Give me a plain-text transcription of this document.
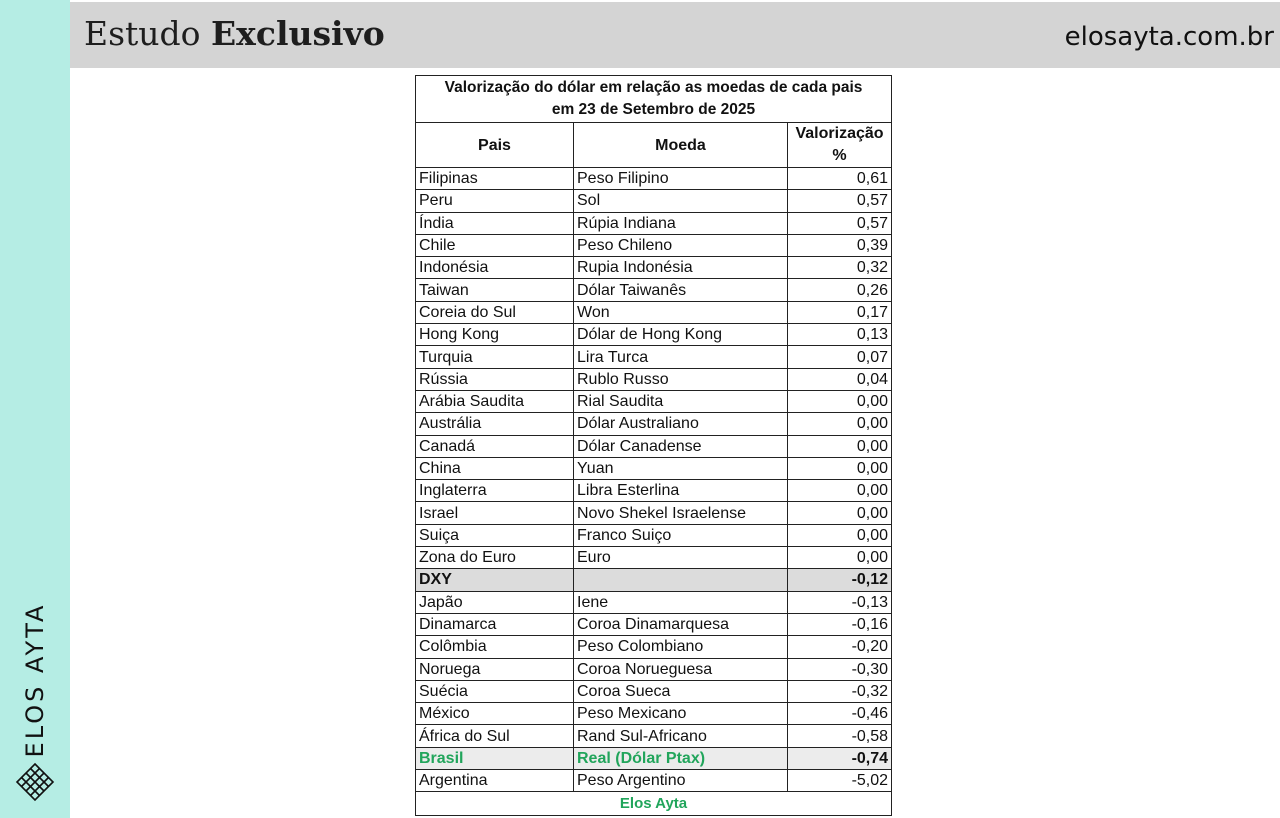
ELOS AYTA
Estudo Exclusivo	elosayta.com.br
Valorização do dólar em relação as moedas de cada pais
em 23 de Setembro de 2025		
Pais	Moeda	Valorização
%
Filipinas	Peso Filipino	0,61
Peru	Sol	0,57
Índia	Rúpia Indiana	0,57
Chile	Peso Chileno	0,39
Indonésia	Rupia Indonésia	0,32
Taiwan	Dólar Taiwanês	0,26
Coreia do Sul	Won	0,17
Hong Kong	Dólar de Hong Kong	0,13
Turquia	Lira Turca	0,07
Rússia	Rublo Russo	0,04
Arábia Saudita	Rial Saudita	0,00
Austrália	Dólar Australiano	0,00
Canadá	Dólar Canadense	0,00
China	Yuan	0,00
Inglaterra	Libra Esterlina	0,00
Israel	Novo Shekel Israelense	0,00
Suiça	Franco Suiço	0,00
Zona do Euro	Euro	0,00
DXY		-0,12
Japão	Iene	-0,13
Dinamarca	Coroa Dinamarquesa	-0,16
Colômbia	Peso Colombiano	-0,20
Noruega	Coroa Norueguesa	-0,30
Suécia	Coroa Sueca	-0,32
México	Peso Mexicano	-0,46
África do Sul	Rand Sul-Africano	-0,58
Brasil	Real (Dólar Ptax)	-0,74
Argentina	Peso Argentino	-5,02
Elos Ayta		
